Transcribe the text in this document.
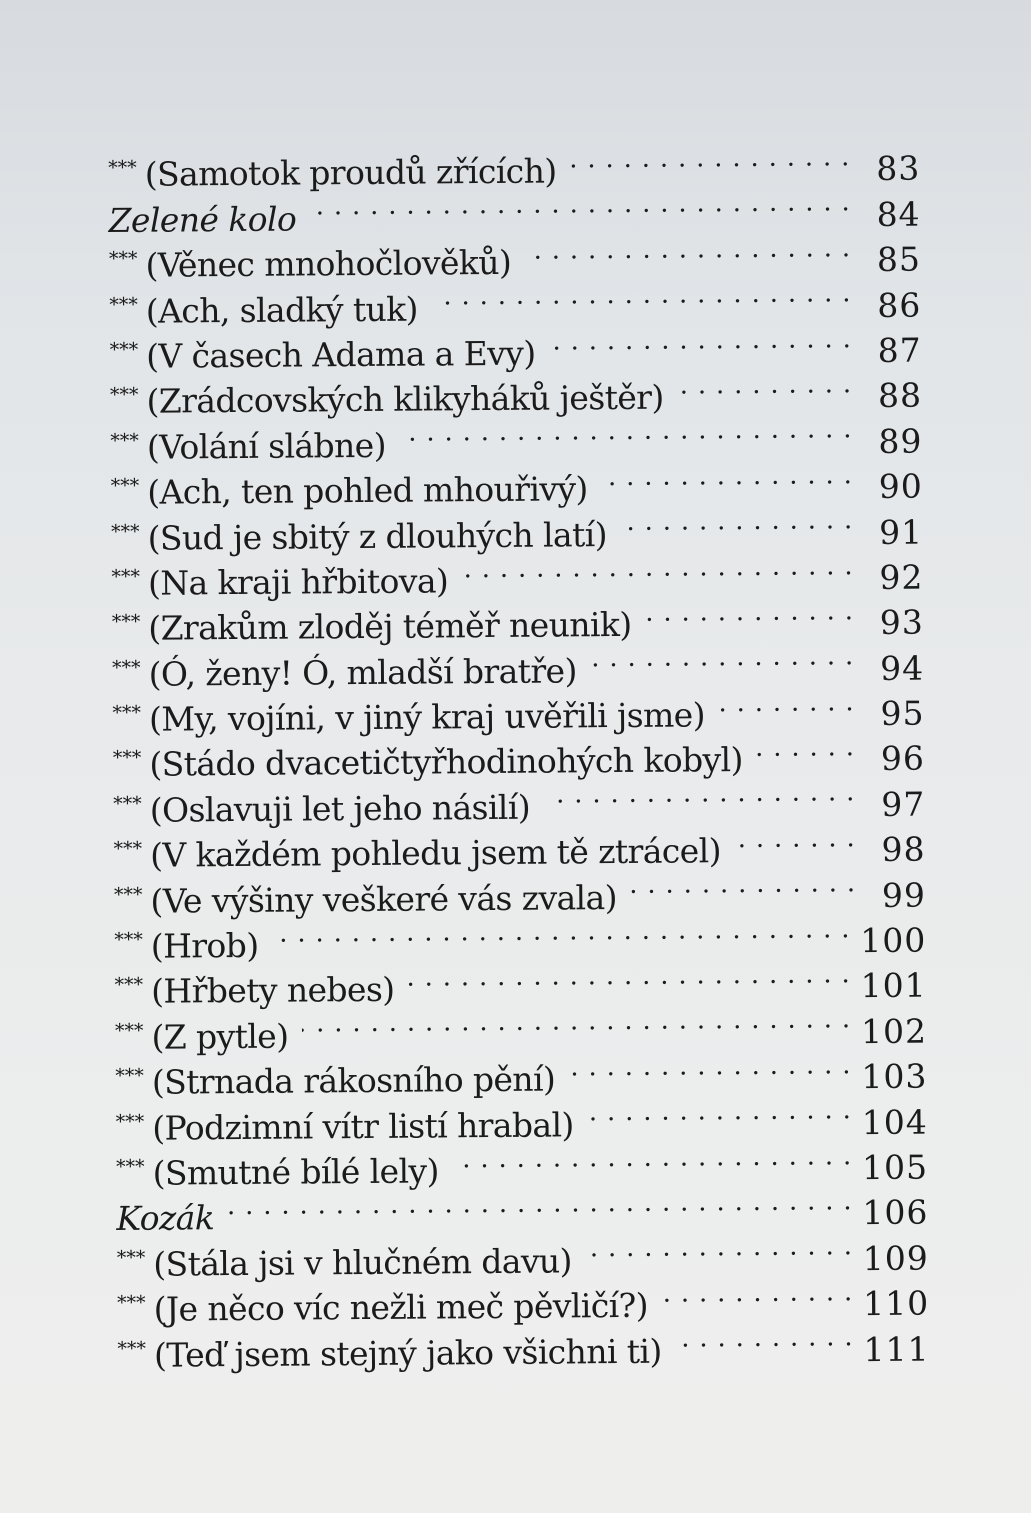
*** (Samotok proudů zřících) . . .	83
Zelené kolo . . .	84
*** (Věnec mnohočlověků) . . .	85
*** (Ach, sladký tuk) . . .	86
*** (V časech Adama a Evy) . . .	87
*** (Zrádcovských klikyháků ještěr) . . .	88
*** (Volání slábne) . . .	89
*** (Ach, ten pohled mhouřivý) . . .	90
*** (Sud je sbitý z dlouhých latí) . . .	91
*** (Na kraji hřbitova) . . .	92
*** (Zrakům zloděj téměř neunik) . . .	93
*** (Ó, ženy! Ó, mladší bratře) . . .	94
*** (My, vojíni, v jiný kraj uvěřili jsme) . . .	95
*** (Stádo dvacetičtyřhodinohých kobyl) . . .	96
*** (Oslavuji let jeho násilí) . . .	97
*** (V každém pohledu jsem tě ztrácel) . . .	98
*** (Ve výšiny veškeré vás zvala) . . .	99
*** (Hrob) . . .	100
*** (Hřbety nebes) . . .	101
*** (Z pytle) . . .	102
*** (Strnada rákosního pění) . . .	103
*** (Podzimní vítr listí hrabal) . . .	104
*** (Smutné bílé lely) . . .	105
Kozák . . .	106
*** (Stála jsi v hlučném davu) . . .	109
*** (Je něco víc nežli meč pěvličí?) . . .	110
*** (Teď jsem stejný jako všichni ti) . . .	111
